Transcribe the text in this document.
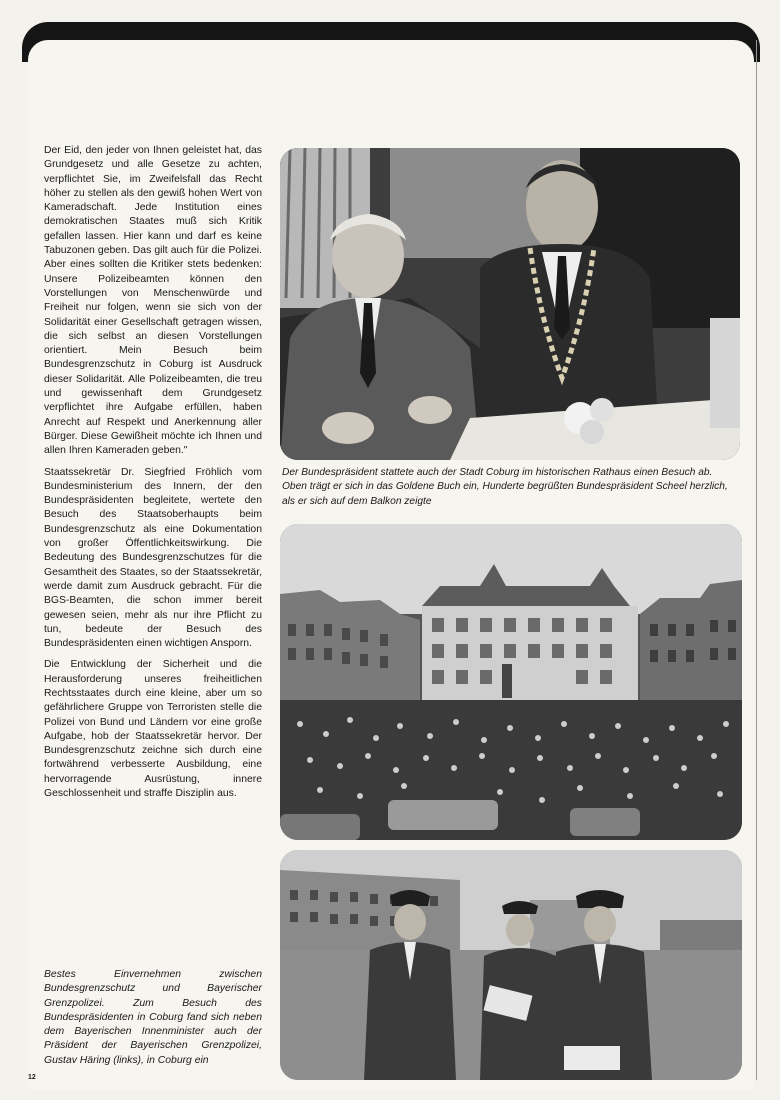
Der Eid, den jeder von Ihnen geleistet hat, das Grundgesetz und alle Gesetze zu achten, verpflichtet Sie, im Zweifelsfall das Recht höher zu stellen als den gewiß hohen Wert von Kameradschaft. Jede Institution eines demokratischen Staates muß sich Kritik gefallen lassen. Hier kann und darf es keine Tabuzonen geben. Das gilt auch für die Polizei. Aber eines sollten die Kritiker stets bedenken: Unsere Polizeibeamten können den Vorstellungen von Menschenwürde und Freiheit nur folgen, wenn sie sich von der Solidarität einer Gesellschaft getragen wissen, die sich selbst an diesen Vorstellungen orientiert. Mein Besuch beim Bundesgrenzschutz in Coburg ist Ausdruck dieser Solidarität. Alle Polizeibeamten, die treu und gewissenhaft dem Grundgesetz verpflichtet ihre Aufgabe erfüllen, haben Anrecht auf Respekt und Anerkennung aller Bürger. Diese Gewißheit möchte ich Ihnen und allen Ihren Kameraden geben."

Staatssekretär Dr. Siegfried Fröhlich vom Bundesministerium des Innern, der den Bundespräsidenten begleitete, wertete den Besuch des Staatsoberhaupts beim Bundesgrenzschutz als eine Dokumentation von großer Öffentlichkeitswirkung. Die Bedeutung des Bundesgrenzschutzes für die Gesamtheit des Staates, so der Staatssekretär, werde damit zum Ausdruck gebracht. Für die BGS-Beamten, die schon immer bereit gewesen seien, mehr als nur ihre Pflicht zu tun, bedeute der Besuch des Bundespräsidenten einen wichtigen Ansporn.

Die Entwicklung der Sicherheit und die Herausforderung unseres freiheitlichen Rechtsstaates durch eine kleine, aber um so gefährlichere Gruppe von Terroristen stelle die Polizei von Bund und Ländern vor eine große Aufgabe, hob der Staatssekretär hervor. Der Bundesgrenzschutz zeichne sich durch eine fortwährend verbesserte Ausbildung, eine hervorragende Ausrüstung, innere Geschlossenheit und straffe Disziplin aus.

Der Bundespräsident stattete auch der Stadt Coburg im historischen Rathaus einen Besuch ab. Oben trägt er sich in das Goldene Buch ein, Hunderte begrüßten Bundespräsident Scheel herzlich, als er sich auf dem Balkon zeigte
Bestes Einvernehmen zwischen Bundesgrenzschutz und Bayerischer Grenzpolizei. Zum Besuch des Bundespräsidenten in Coburg fand sich neben dem Bayerischen Innenminister auch der Präsident der Bayerischen Grenzpolizei, Gustav Häring (links), in Coburg ein
12
